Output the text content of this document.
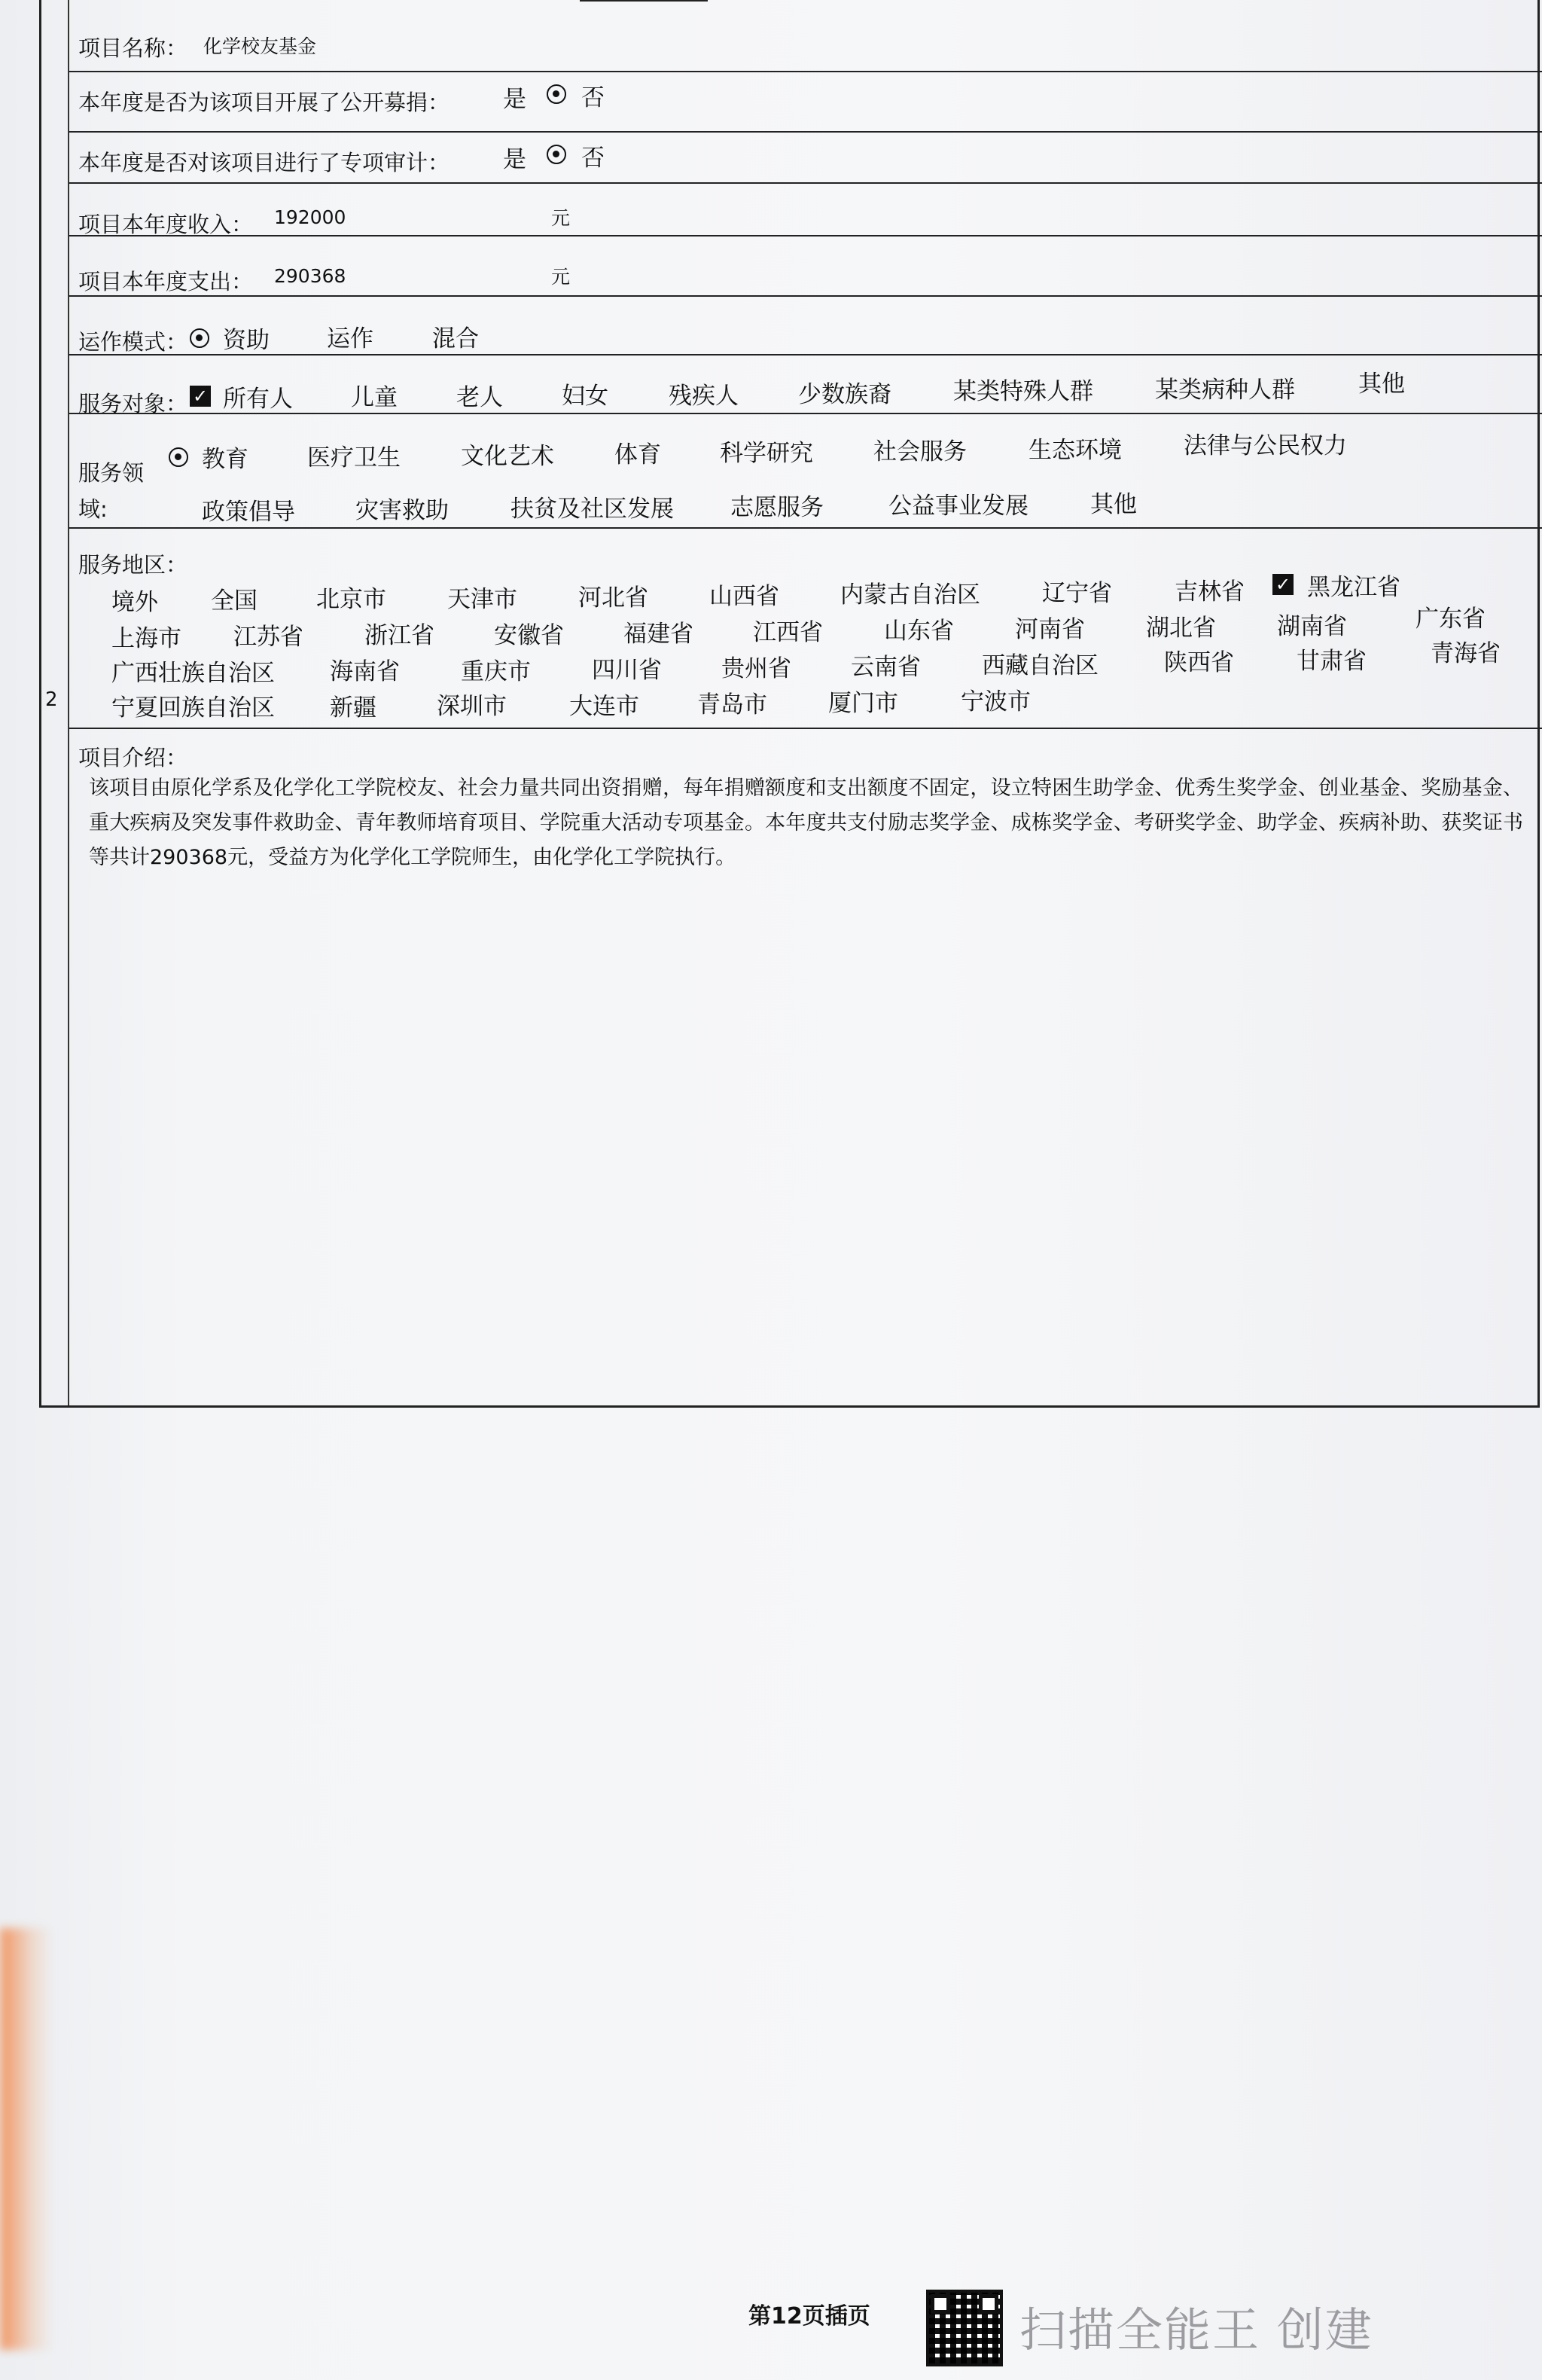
2
项目名称： 化学校友基金
本年度是否为该项目开展了公开募捐： 是 否
本年度是否对该项目进行了专项审计： 是 否
项目本年度收入： 192000	元
项目本年度支出： 290368	元
运作模式： 资助 运作	混合
服务对象： ✓ 所有人 儿童	老人	妇女	残疾人	少数族裔	某类特殊人群	某类病种人群	其他
服务领
域:
教育	医疗卫生	文化艺术	体育	科学研究	社会服务	生态环境	法律与公民权力
政策倡导	灾害救助	扶贫及社区发展 志愿服务	公益事业发展	其他
服务地区：
境外 全国	北京市	天津市	河北省	山西省	内蒙古自治区	辽宁省	吉林省 ✓ 黑龙江省
上海市 江苏省	浙江省	安徽省	福建省	江西省	山东省	河南省	湖北省	湖南省	广东省
广西壮族自治区 海南省	重庆市	四川省	贵州省	云南省	西藏自治区	陕西省	甘肃省	青海省
宁夏回族自治区 新疆	深圳市	大连市 青岛市	厦门市	宁波市
项目介绍：
该项目由原化学系及化学化工学院校友、社会力量共同出资捐赠，每年捐赠额度和支出额度不固定，设立特困生助学金、优秀生奖学金、创业基金、奖励基金、重大疾病及突发事件救助金、青年教师培育项目、学院重大活动专项基金。本年度共支付励志奖学金、成栋奖学金、考研奖学金、助学金、疾病补助、获奖证书等共计290368元，受益方为化学化工学院师生，由化学化工学院执行。
第12页插页	扫描全能王 创建
